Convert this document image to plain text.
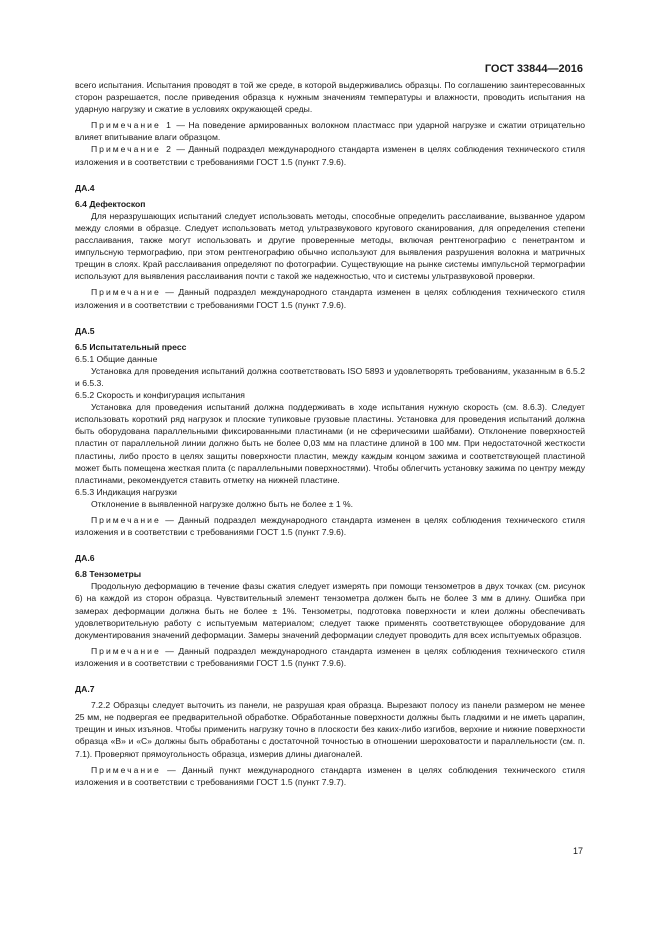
ГОСТ 33844—2016

всего испытания. Испытания проводят в той же среде, в которой выдерживались образцы. По соглашению заинтересованных сторон разрешается, после приведения образца к нужным значениям температуры и влажности, проводить испытания на ударную нагрузку и сжатие в условиях окружающей среды.

Примечание 1 — На поведение армированных волокном пластмасс при ударной нагрузке и сжатии отрицательно влияет впитывание влаги образцом.

Примечание 2 — Данный подраздел международного стандарта изменен в целях соблюдения технического стиля изложения и в соответствии с требованиями ГОСТ 1.5 (пункт 7.9.6).

ДА.4

6.4 Дефектоскоп

Для неразрушающих испытаний следует использовать методы, способные определить расслаивание, вызванное ударом между слоями в образце. Следует использовать метод ультразвукового кругового сканирования, для определения степени расслаивания, также могут использовать и другие проверенные методы, включая рентгенографию с пенетрантом и импульсную термографию, при этом рентгенографию обычно используют для выявления разрушения волокна и матричных трещин в слоях. Край расслаивания определяют по фотографии. Существующие на рынке системы импульсной термографии используют для выявления расслаивания почти с такой же надежностью, что и системы ультразвуковой проверки.

Примечание — Данный подраздел международного стандарта изменен в целях соблюдения технического стиля изложения и в соответствии с требованиями ГОСТ 1.5 (пункт 7.9.6).

ДА.5

6.5 Испытательный пресс

6.5.1 Общие данные

Установка для проведения испытаний должна соответствовать ISO 5893 и удовлетворять требованиям, указанным в 6.5.2 и 6.5.3.

6.5.2 Скорость и конфигурация испытания

Установка для проведения испытаний должна поддерживать в ходе испытания нужную скорость (см. 8.6.3). Следует использовать короткий ряд нагрузок и плоские тупиковые грузовые пластины. Установка для проведения испытаний должна быть оборудована параллельными фиксированными пластинами (и не сферическими шайбами). Отклонение поверхностей пластин от параллельной линии должно быть не более 0,03 мм на пластине длиной в 100 мм. При недостаточной жесткости пластины, либо просто в целях защиты поверхности пластин, между каждым концом зажима и соответствующей пластиной может быть помещена жесткая плита (с параллельными поверхностями). Чтобы облегчить установку зажима по центру между пластинами, рекомендуется ставить отметку на нижней пластине.

6.5.3 Индикация нагрузки

Отклонение в выявленной нагрузке должно быть не более ± 1 %.

Примечание — Данный подраздел международного стандарта изменен в целях соблюдения технического стиля изложения и в соответствии с требованиями ГОСТ 1.5 (пункт 7.9.6).

ДА.6

6.8 Тензометры

Продольную деформацию в течение фазы сжатия следует измерять при помощи тензометров в двух точках (см. рисунок 6) на каждой из сторон образца. Чувствительный элемент тензометра должен быть не более 3 мм в длину. Ошибка при замерах деформации должна быть не более ± 1%. Тензометры, подготовка поверхности и клеи должны обеспечивать удовлетворительную работу с испытуемым материалом; следует также применять соответствующее оборудование для документирования значений деформации. Замеры значений деформации следует проводить для всех испытуемых образцов.

Примечание — Данный подраздел международного стандарта изменен в целях соблюдения технического стиля изложения и в соответствии с требованиями ГОСТ 1.5 (пункт 7.9.6).

ДА.7

7.2.2 Образцы следует выточить из панели, не разрушая края образца. Вырезают полосу из панели размером не менее 25 мм, не подвергая ее предварительной обработке. Обработанные поверхности должны быть гладкими и не иметь царапин, трещин и иных изъянов. Чтобы применить нагрузку точно в плоскости без каких-либо изгибов, верхние и нижние поверхности образца «В» и «С» должны быть обработаны с достаточной точностью в отношении шероховатости и параллельности (см. п. 7.1). Проверяют прямоугольность образца, измерив длины диагоналей.

Примечание — Данный пункт международного стандарта изменен в целях соблюдения технического стиля изложения и в соответствии с требованиями ГОСТ 1.5 (пункт 7.9.7).

17
